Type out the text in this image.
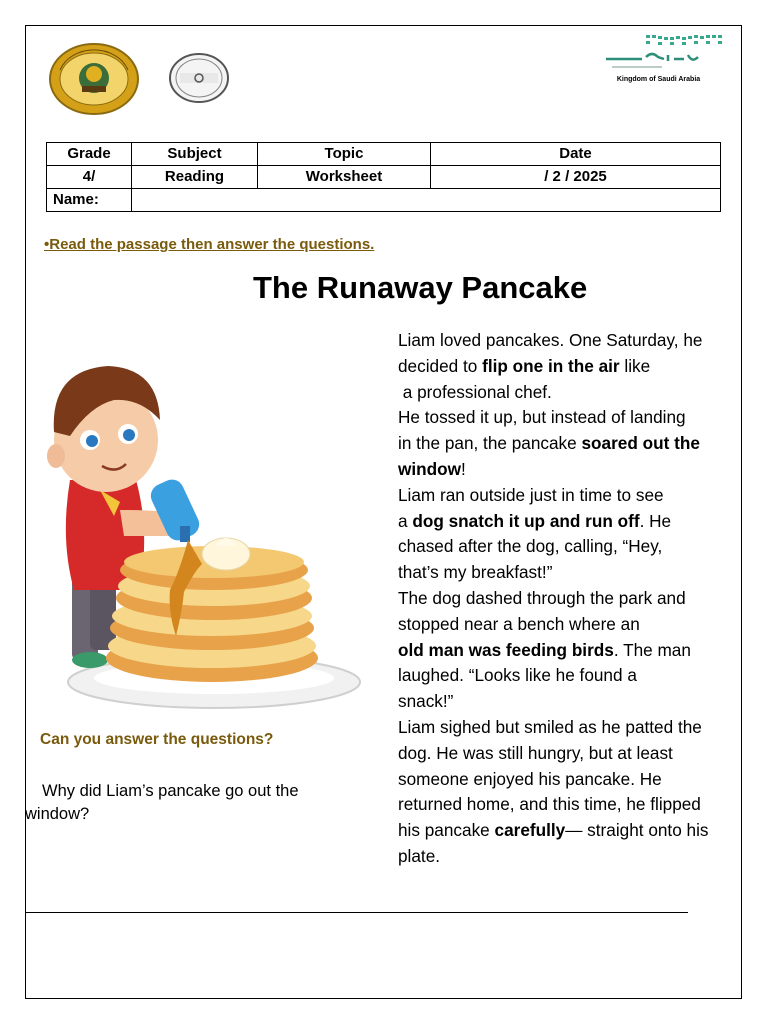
Kingdom of Saudi Arabia
Grade	Subject	Topic	Date
4/	Reading	Worksheet	/ 2 / 2025
Name:			
•Read the passage then answer the questions.
The Runaway Pancake
Liam loved pancakes. One Saturday, he
decided to flip one in the air like
a professional chef.
He tossed it up, but instead of landing
in the pan, the pancake soared out the
window!
Liam ran outside just in time to see
a dog snatch it up and run off. He
chased after the dog, calling, “Hey,
that’s my breakfast!”
The dog dashed through the park and
stopped near a bench where an
old man was feeding birds. The man
laughed. “Looks like he found a
snack!”
Liam sighed but smiled as he patted the
dog. He was still hungry, but at least
someone enjoyed his pancake. He
returned home, and this time, he flipped
his pancake carefully— straight onto his
plate.
Can you answer the questions?
Why did Liam’s pancake go out the window?
